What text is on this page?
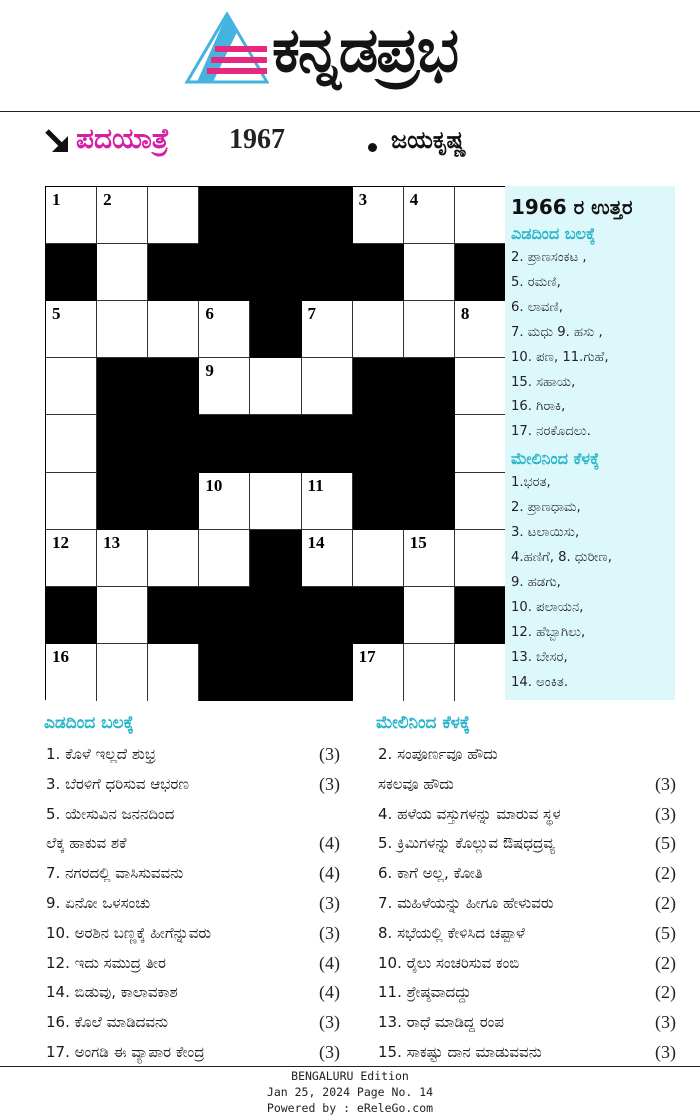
ಕನ್ನಡಪ್ರಭ
ಪದಯಾತ್ರೆ 1967	ಜಯಕೃಷ್ಣ
1	2	3	4
5	6	7	8
9
10	11
12 13	14	15
16	17
1966 ರ ಉತ್ತರ
ಎಡದಿಂದ ಬಲಕ್ಕೆ
2. ಪ್ರಾಣಸಂಕಟ ,
5. ರಮಣಿ,
6. ಲಾವಣಿ,
7. ಮಧು 9. ಹಸು ,
10. ಪಣ, 11.ಗುಹೆ,
15. ಸಹಾಯ,
16. ಗಿರಾಕಿ,
17. ನರಕೊದಲು.
ಮೇಲಿನಿಂದ ಕೆಳಕ್ಕೆ
1.ಭರತ,
2. ಪ್ರಾಣಧಾಮ,
3. ಟಲಾಯಿಸು,
4.ಹಣಿಗೆ, 8. ಧುರೀಣ,
9. ಹಡಗು,
10. ಪಲಾಯನ,
12. ಹೆಬ್ಬಾಗಿಲು,
13. ಬೇಸರ,
14. ಅಂಕಿತ.
ಎಡದಿಂದ ಬಲಕ್ಕೆ
1. ಕೊಳೆ ಇಲ್ಲದೆ ಶುಭ್ರ	(3)
3. ಬೆರಳಿಗೆ ಧರಿಸುವ ಆಭರಣ	(3)
5. ಯೇಸುವಿನ ಜನನದಿಂದ
ಲೆಕ್ಕ ಹಾಕುವ ಶಕೆ	(4)
7. ನಗರದಲ್ಲಿ ವಾಸಿಸುವವನು	(4)
9. ಏನೋ ಒಳಸಂಚು	(3)
10. ಅರಶಿನ ಬಣ್ಣಕ್ಕೆ ಹೀಗೆನ್ನುವರು	(3)
12. ಇದು ಸಮುದ್ರ ತೀರ	(4)
14. ಬಿಡುವು, ಕಾಲಾವಕಾಶ	(4)
16. ಕೊಲೆ ಮಾಡಿದವನು	(3)
17. ಅಂಗಡಿ ಈ ವ್ಯಾಪಾರ ಕೇಂದ್ರ	(3)
ಮೇಲಿನಿಂದ ಕೆಳಕ್ಕೆ
2. ಸಂಪೂರ್ಣವೂ ಹೌದು
ಸಕಲವೂ ಹೌದು	(3)
4. ಹಳೆಯ ವಸ್ತುಗಳನ್ನು ಮಾರುವ ಸ್ಥಳ	(3)
5. ಕ್ರಿಮಿಗಳನ್ನು ಕೊಲ್ಲುವ ಔಷಧದ್ರವ್ಯ	(5)
6. ಕಾಗೆ ಅಲ್ಲ, ಕೋತಿ	(2)
7. ಮಹಿಳೆಯನ್ನು ಹೀಗೂ ಹೇಳುವರು	(2)
8. ಸಭೆಯಲ್ಲಿ ಕೇಳಿಸಿದ ಚಪ್ಪಾಳೆ	(5)
10. ರೈಲು ಸಂಚರಿಸುವ ಕಂಬಿ	(2)
11. ಶ್ರೇಷ್ಠವಾದದ್ದು	(2)
13. ರಾಧೆ ಮಾಡಿದ್ದ ರಂಪ	(3)
15. ಸಾಕಷ್ಟು ದಾನ ಮಾಡುವವನು	(3)
BENGALURU Edition
Jan 25, 2024 Page No. 14
Powered by : eReleGo.com
